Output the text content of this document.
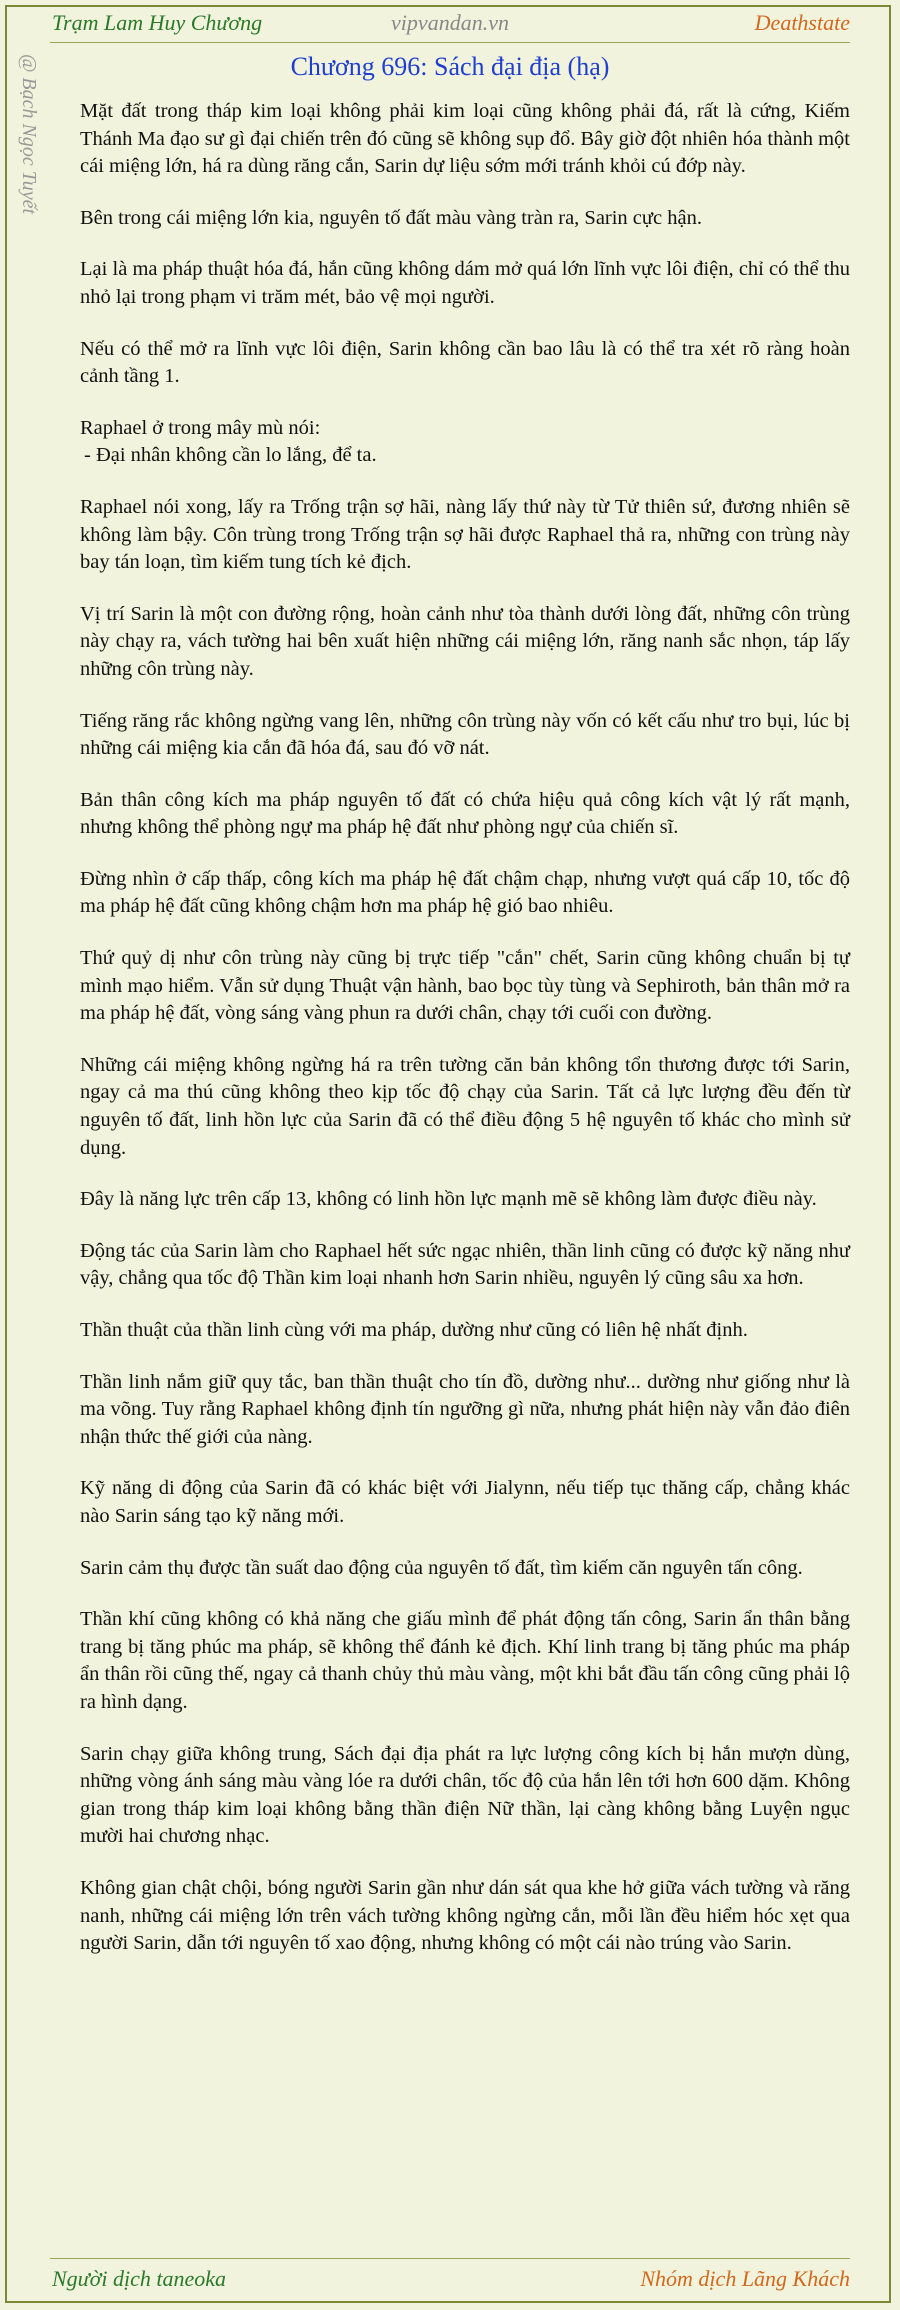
Trạm Lam Huy Chương	vipvandan.vn	Deathstate
@ Bạch Ngọc Tuyết	Chương 696: Sách đại địa (hạ)

Mặt đất trong tháp kim loại không phải kim loại cũng không phải đá, rất là cứng, Kiếm Thánh Ma đạo sư gì đại chiến trên đó cũng sẽ không sụp đổ. Bây giờ đột nhiên hóa thành một cái miệng lớn, há ra dùng răng cắn, Sarin dự liệu sớm mới tránh khỏi cú đớp này.

Bên trong cái miệng lớn kia, nguyên tố đất màu vàng tràn ra, Sarin cực hận.

Lại là ma pháp thuật hóa đá, hắn cũng không dám mở quá lớn lĩnh vực lôi điện, chỉ có thể thu nhỏ lại trong phạm vi trăm mét, bảo vệ mọi người.

Nếu có thể mở ra lĩnh vực lôi điện, Sarin không cần bao lâu là có thể tra xét rõ ràng hoàn cảnh tầng 1.

Raphael ở trong mây mù nói:
- Đại nhân không cần lo lắng, để ta.

Raphael nói xong, lấy ra Trống trận sợ hãi, nàng lấy thứ này từ Tử thiên sứ, đương nhiên sẽ không làm bậy. Côn trùng trong Trống trận sợ hãi được Raphael thả ra, những con trùng này bay tán loạn, tìm kiếm tung tích kẻ địch.

Vị trí Sarin là một con đường rộng, hoàn cảnh như tòa thành dưới lòng đất, những côn trùng này chạy ra, vách tường hai bên xuất hiện những cái miệng lớn, răng nanh sắc nhọn, táp lấy những côn trùng này.

Tiếng răng rắc không ngừng vang lên, những côn trùng này vốn có kết cấu như tro bụi, lúc bị những cái miệng kia cắn đã hóa đá, sau đó vỡ nát.

Bản thân công kích ma pháp nguyên tố đất có chứa hiệu quả công kích vật lý rất mạnh, nhưng không thể phòng ngự ma pháp hệ đất như phòng ngự của chiến sĩ.

Đừng nhìn ở cấp thấp, công kích ma pháp hệ đất chậm chạp, nhưng vượt quá cấp 10, tốc độ ma pháp hệ đất cũng không chậm hơn ma pháp hệ gió bao nhiêu.

Thứ quỷ dị như côn trùng này cũng bị trực tiếp "cắn" chết, Sarin cũng không chuẩn bị tự mình mạo hiểm. Vẫn sử dụng Thuật vận hành, bao bọc tùy tùng và Sephiroth, bản thân mở ra ma pháp hệ đất, vòng sáng vàng phun ra dưới chân, chạy tới cuối con đường.

Những cái miệng không ngừng há ra trên tường căn bản không tổn thương được tới Sarin, ngay cả ma thú cũng không theo kịp tốc độ chạy của Sarin. Tất cả lực lượng đều đến từ nguyên tố đất, linh hồn lực của Sarin đã có thể điều động 5 hệ nguyên tố khác cho mình sử dụng.

Đây là năng lực trên cấp 13, không có linh hồn lực mạnh mẽ sẽ không làm được điều này.

Động tác của Sarin làm cho Raphael hết sức ngạc nhiên, thần linh cũng có được kỹ năng như vậy, chẳng qua tốc độ Thần kim loại nhanh hơn Sarin nhiều, nguyên lý cũng sâu xa hơn.

Thần thuật của thần linh cùng với ma pháp, dường như cũng có liên hệ nhất định.

Thần linh nắm giữ quy tắc, ban thần thuật cho tín đồ, dường như... dường như giống như là ma võng. Tuy rằng Raphael không định tín ngưỡng gì nữa, nhưng phát hiện này vẫn đảo điên nhận thức thế giới của nàng.

Kỹ năng di động của Sarin đã có khác biệt với Jialynn, nếu tiếp tục thăng cấp, chẳng khác nào Sarin sáng tạo kỹ năng mới.

Sarin cảm thụ được tần suất dao động của nguyên tố đất, tìm kiếm căn nguyên tấn công.

Thần khí cũng không có khả năng che giấu mình để phát động tấn công, Sarin ẩn thân bằng trang bị tăng phúc ma pháp, sẽ không thể đánh kẻ địch. Khí linh trang bị tăng phúc ma pháp ẩn thân rồi cũng thế, ngay cả thanh chủy thủ màu vàng, một khi bắt đầu tấn công cũng phải lộ ra hình dạng.

Sarin chạy giữa không trung, Sách đại địa phát ra lực lượng công kích bị hắn mượn dùng, những vòng ánh sáng màu vàng lóe ra dưới chân, tốc độ của hắn lên tới hơn 600 dặm. Không gian trong tháp kim loại không bằng thần điện Nữ thần, lại càng không bằng Luyện ngục mười hai chương nhạc.

Không gian chật chội, bóng người Sarin gần như dán sát qua khe hở giữa vách tường và răng nanh, những cái miệng lớn trên vách tường không ngừng cắn, mỗi lần đều hiểm hóc xẹt qua người Sarin, dẫn tới nguyên tố xao động, nhưng không có một cái nào trúng vào Sarin.

Người dịch taneoka	Nhóm dịch Lãng Khách
